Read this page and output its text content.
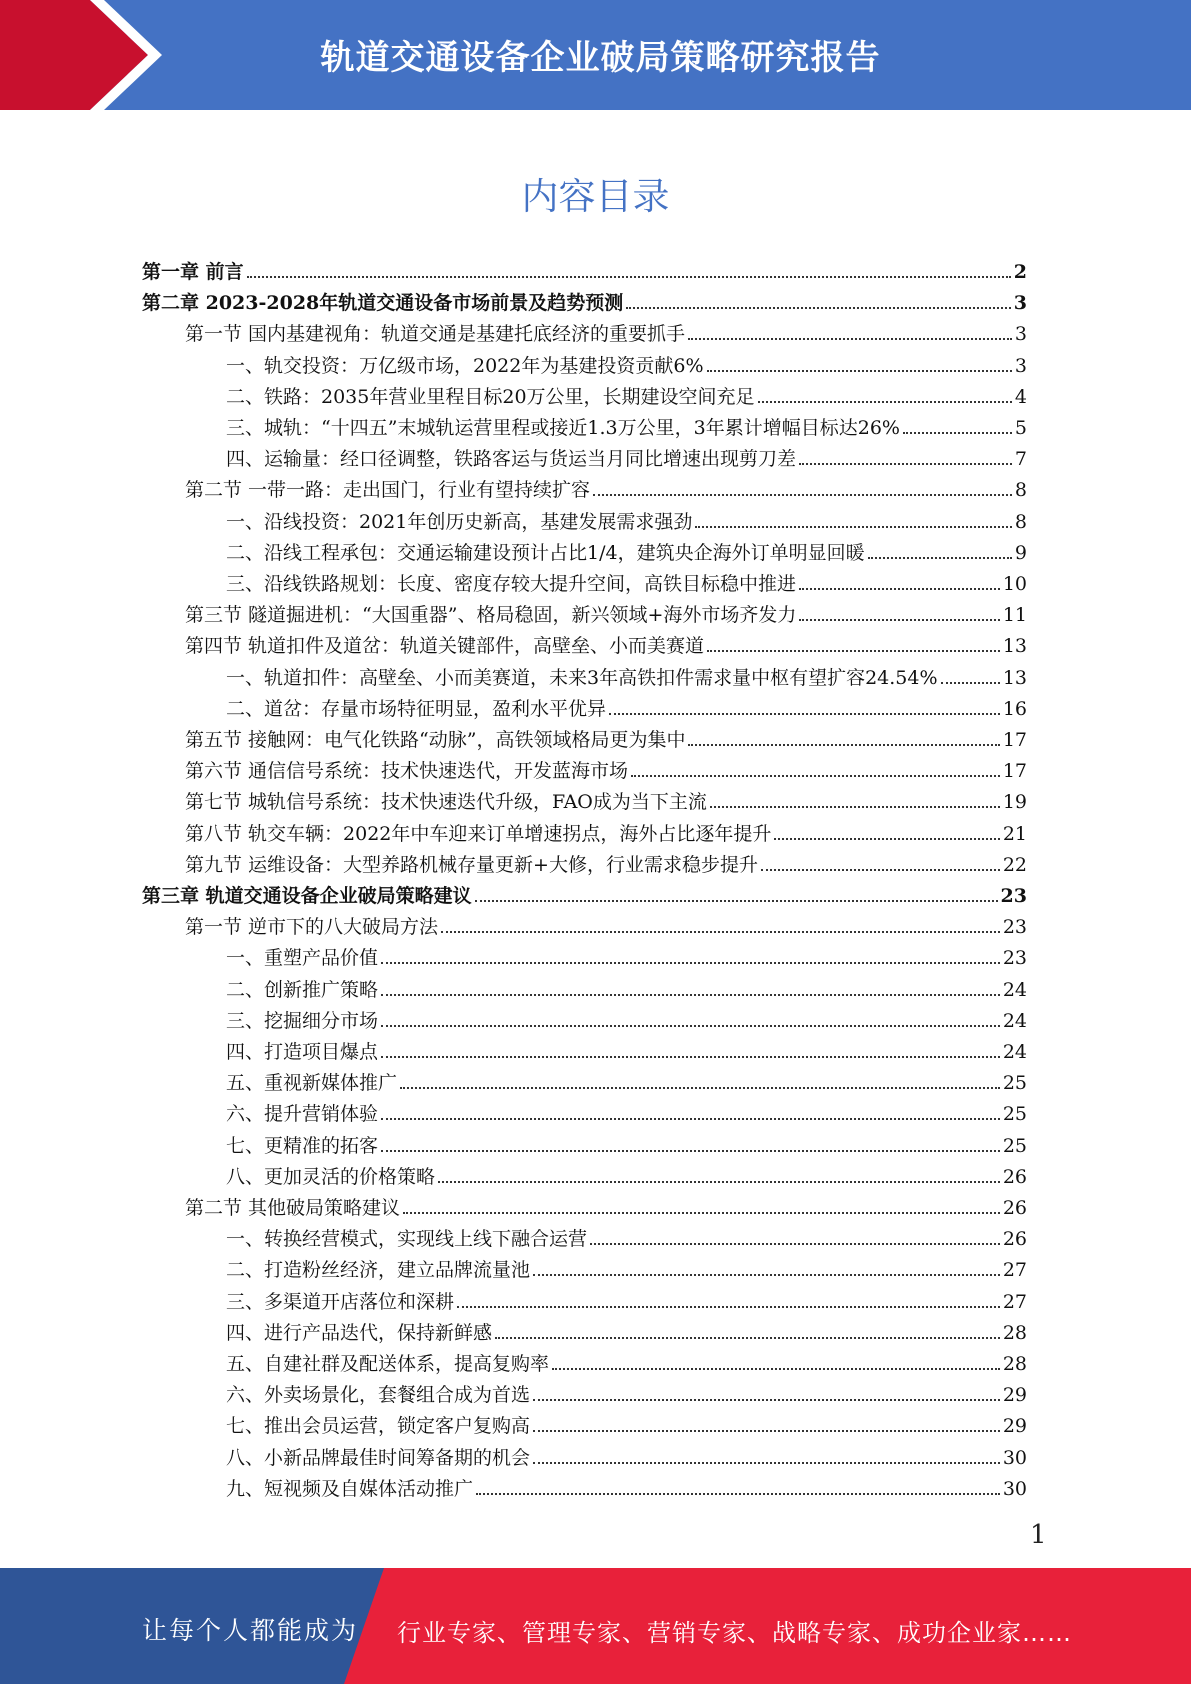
轨道交通设备企业破局策略研究报告
内容目录
第一章 前言	2
第二章 2023-2028年轨道交通设备市场前景及趋势预测	3
第一节 国内基建视角：轨道交通是基建托底经济的重要抓手	3
一、轨交投资：万亿级市场，2022年为基建投资贡献6%	3
二、铁路：2035年营业里程目标20万公里，长期建设空间充足	4
三、城轨：“十四五”末城轨运营里程或接近1.3万公里，3年累计增幅目标达26%	5
四、运输量：经口径调整，铁路客运与货运当月同比增速出现剪刀差	7
第二节 一带一路：走出国门，行业有望持续扩容	8
一、沿线投资：2021年创历史新高，基建发展需求强劲	8
二、沿线工程承包：交通运输建设预计占比1/4，建筑央企海外订单明显回暖	9
三、沿线铁路规划：长度、密度存较大提升空间，高铁目标稳中推进	10
第三节 隧道掘进机：“大国重器”、格局稳固，新兴领域+海外市场齐发力	11
第四节 轨道扣件及道岔：轨道关键部件，高壁垒、小而美赛道	13
一、轨道扣件：高壁垒、小而美赛道，未来3年高铁扣件需求量中枢有望扩容24.54%	13
二、道岔：存量市场特征明显，盈利水平优异	16
第五节 接触网：电气化铁路“动脉”，高铁领域格局更为集中	17
第六节 通信信号系统：技术快速迭代，开发蓝海市场	17
第七节 城轨信号系统：技术快速迭代升级，FAO成为当下主流	19
第八节 轨交车辆：2022年中车迎来订单增速拐点，海外占比逐年提升	21
第九节 运维设备：大型养路机械存量更新+大修，行业需求稳步提升	22
第三章 轨道交通设备企业破局策略建议	23
第一节 逆市下的八大破局方法	23
一、重塑产品价值	23
二、创新推广策略	24
三、挖掘细分市场	24
四、打造项目爆点	24
五、重视新媒体推广	25
六、提升营销体验	25
七、更精准的拓客	25
八、更加灵活的价格策略	26
第二节 其他破局策略建议	26
一、转换经营模式，实现线上线下融合运营	26
二、打造粉丝经济，建立品牌流量池	27
三、多渠道开店落位和深耕	27
四、进行产品迭代，保持新鲜感	28
五、自建社群及配送体系，提高复购率	28
六、外卖场景化，套餐组合成为首选	29
七、推出会员运营，锁定客户复购高	29
八、小新品牌最佳时间筹备期的机会	30
九、短视频及自媒体活动推广	30
1
让每个人都能成为 行业专家、管理专家、营销专家、战略专家、成功企业家……
